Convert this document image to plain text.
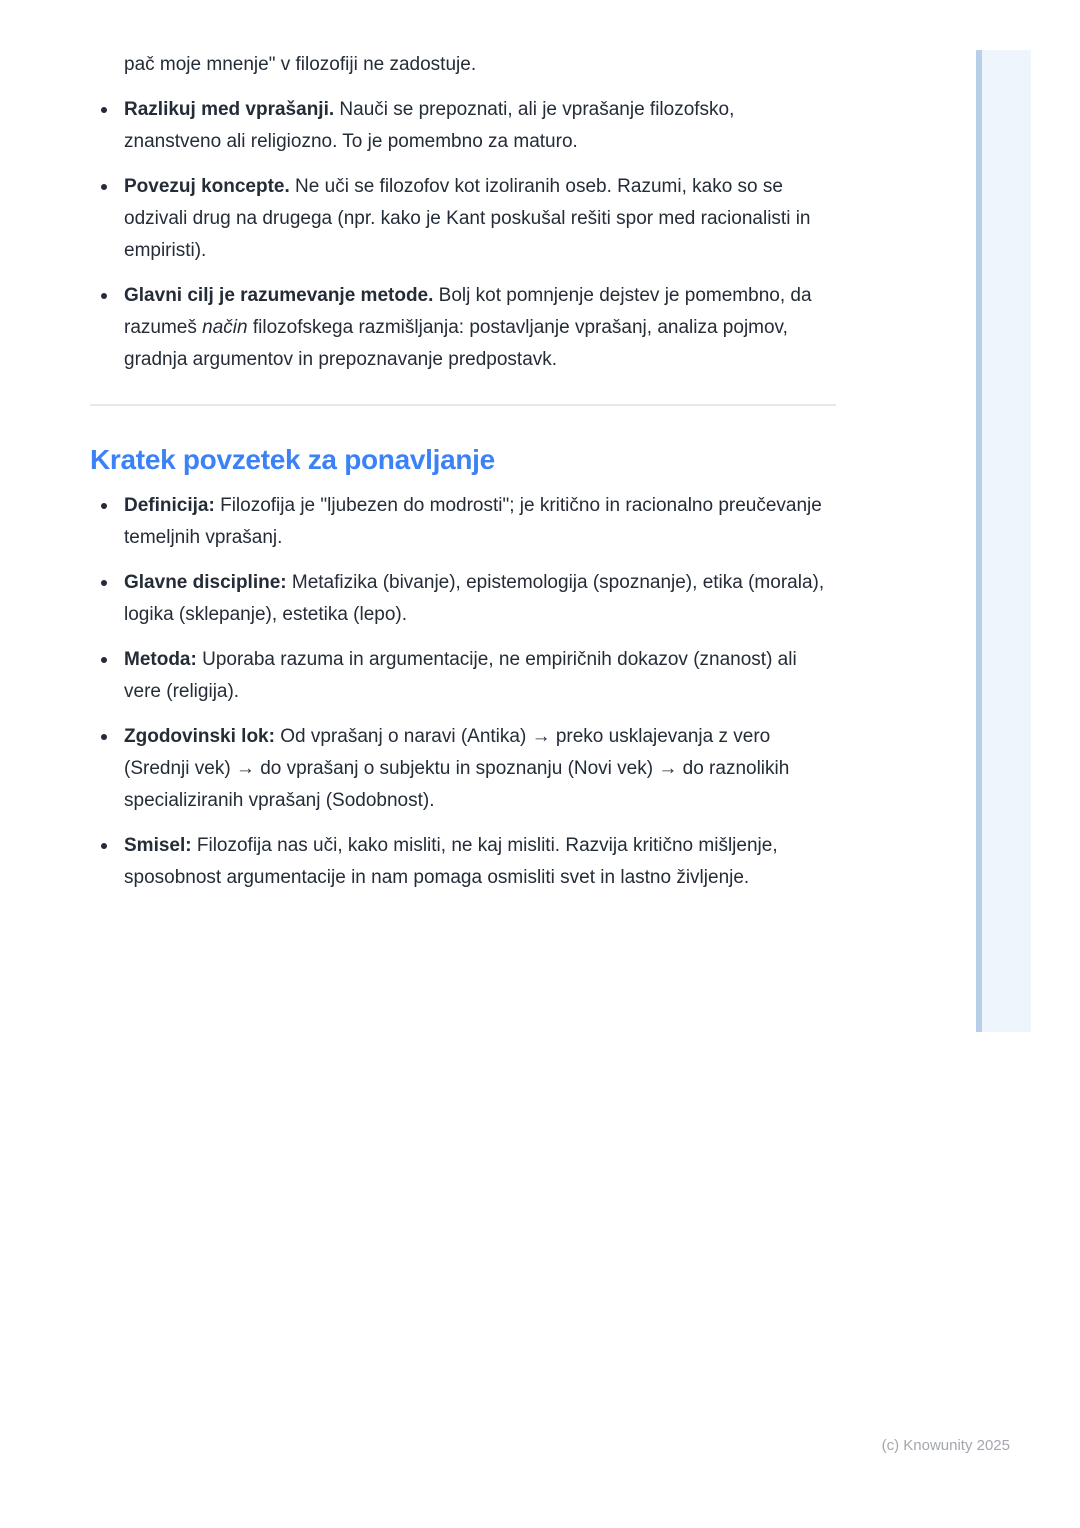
pač moje mnenje" v filozofiji ne zadostuje.

Razlikuj med vprašanji. Nauči se prepoznati, ali je vprašanje filozofsko, znanstveno ali religiozno. To je pomembno za maturo.
Povezuj koncepte. Ne uči se filozofov kot izoliranih oseb. Razumi, kako so se odzivali drug na drugega (npr. kako je Kant poskušal rešiti spor med racionalisti in empiristi).
Glavni cilj je razumevanje metode. Bolj kot pomnjenje dejstev je pomembno, da razumeš način filozofskega razmišljanja: postavljanje vprašanj, analiza pojmov, gradnja argumentov in prepoznavanje predpostavk.
Kratek povzetek za ponavljanje
Definicija: Filozofija je "ljubezen do modrosti"; je kritično in racionalno preučevanje temeljnih vprašanj.
Glavne discipline: Metafizika (bivanje), epistemologija (spoznanje), etika (morala), logika (sklepanje), estetika (lepo).
Metoda: Uporaba razuma in argumentacije, ne empiričnih dokazov (znanost) ali vere (religija).
Zgodovinski lok: Od vprašanj o naravi (Antika) → preko usklajevanja z vero (Srednji vek) → do vprašanj o subjektu in spoznanju (Novi vek) → do raznolikih specializiranih vprašanj (Sodobnost).
Smisel: Filozofija nas uči, kako misliti, ne kaj misliti. Razvija kritično mišljenje, sposobnost argumentacije in nam pomaga osmisliti svet in lastno življenje.
(c) Knowunity 2025
